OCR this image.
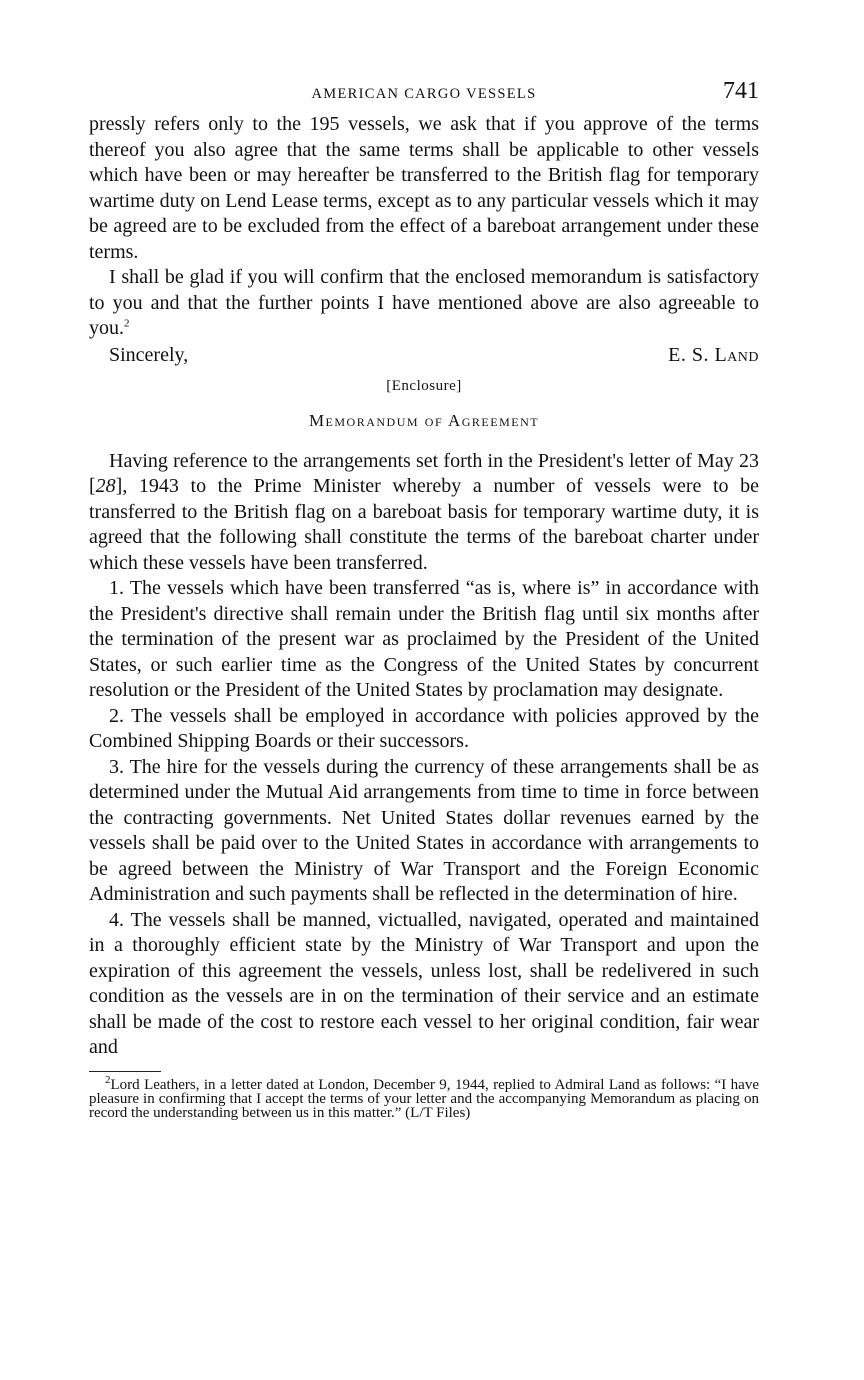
AMERICAN CARGO VESSELS	741

pressly refers only to the 195 vessels, we ask that if you approve of the terms thereof you also agree that the same terms shall be applicable to other vessels which have been or may hereafter be transferred to the British flag for temporary wartime duty on Lend Lease terms, except as to any particular vessels which it may be agreed are to be excluded from the effect of a bareboat arrangement under these terms.

I shall be glad if you will confirm that the enclosed memorandum is satisfactory to you and that the further points I have mentioned above are also agreeable to you.$^2$

Sincerely,	E. S. Land

[Enclosure]

Memorandum of Agreement

Having reference to the arrangements set forth in the President's letter of May 23 [28], 1943 to the Prime Minister whereby a number of vessels were to be transferred to the British flag on a bareboat basis for temporary wartime duty, it is agreed that the following shall constitute the terms of the bareboat charter under which these vessels have been transferred.

1. The vessels which have been transferred “as is, where is” in accordance with the President's directive shall remain under the British flag until six months after the termination of the present war as proclaimed by the President of the United States, or such earlier time as the Congress of the United States by concurrent resolution or the President of the United States by proclamation may designate.

2. The vessels shall be employed in accordance with policies approved by the Combined Shipping Boards or their successors.

3. The hire for the vessels during the currency of these arrangements shall be as determined under the Mutual Aid arrangements from time to time in force between the contracting governments. Net United States dollar revenues earned by the vessels shall be paid over to the United States in accordance with arrangements to be agreed between the Ministry of War Transport and the Foreign Economic Administration and such payments shall be reflected in the determination of hire.

4. The vessels shall be manned, victualled, navigated, operated and maintained in a thoroughly efficient state by the Ministry of War Transport and upon the expiration of this agreement the vessels, unless lost, shall be redelivered in such condition as the vessels are in on the termination of their service and an estimate shall be made of the cost to restore each vessel to her original condition, fair wear and

$^2$Lord Leathers, in a letter dated at London, December 9, 1944, replied to Admiral Land as follows: “I have pleasure in confirming that I accept the terms of your letter and the accompanying Memorandum as placing on record the understanding between us in this matter.” (L/T Files)
